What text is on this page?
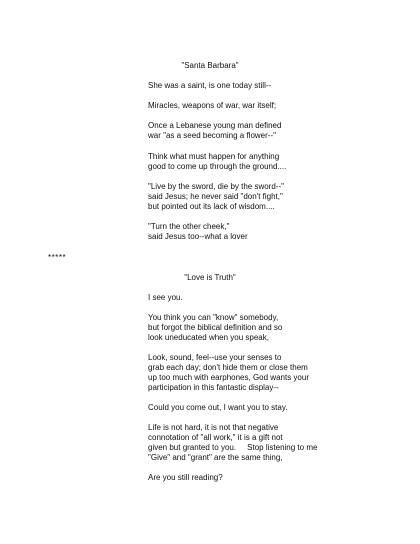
"Santa Barbara"
She was a saint, is one today still--
Miracles, weapons of war, war itself;
Once a Lebanese young man defined
war "as a seed becoming a flower--"
Think what must happen for anything
good to come up through the ground....
"Live by the sword, die by the sword--"
said Jesus; he never said "don't fight,"
but pointed out its lack of wisdom....
"Turn the other cheek,"
said Jesus too--what a lover
*****
"Love is Truth"
I see you.
You think you can "know" somebody,
but forgot the biblical definition and so
look uneducated when you speak,
Look, sound, feel--use your senses to
grab each day; don't hide them or close them
up too much with earphones, God wants your
participation in this fantastic display--
Could you come out, I want you to stay.
Life is not hard, it is not that negative
connotation of "all work," it is a gift not
given but granted to you.     Stop listening to me
"Give" and "grant" are the same thing,
Are you still reading?
